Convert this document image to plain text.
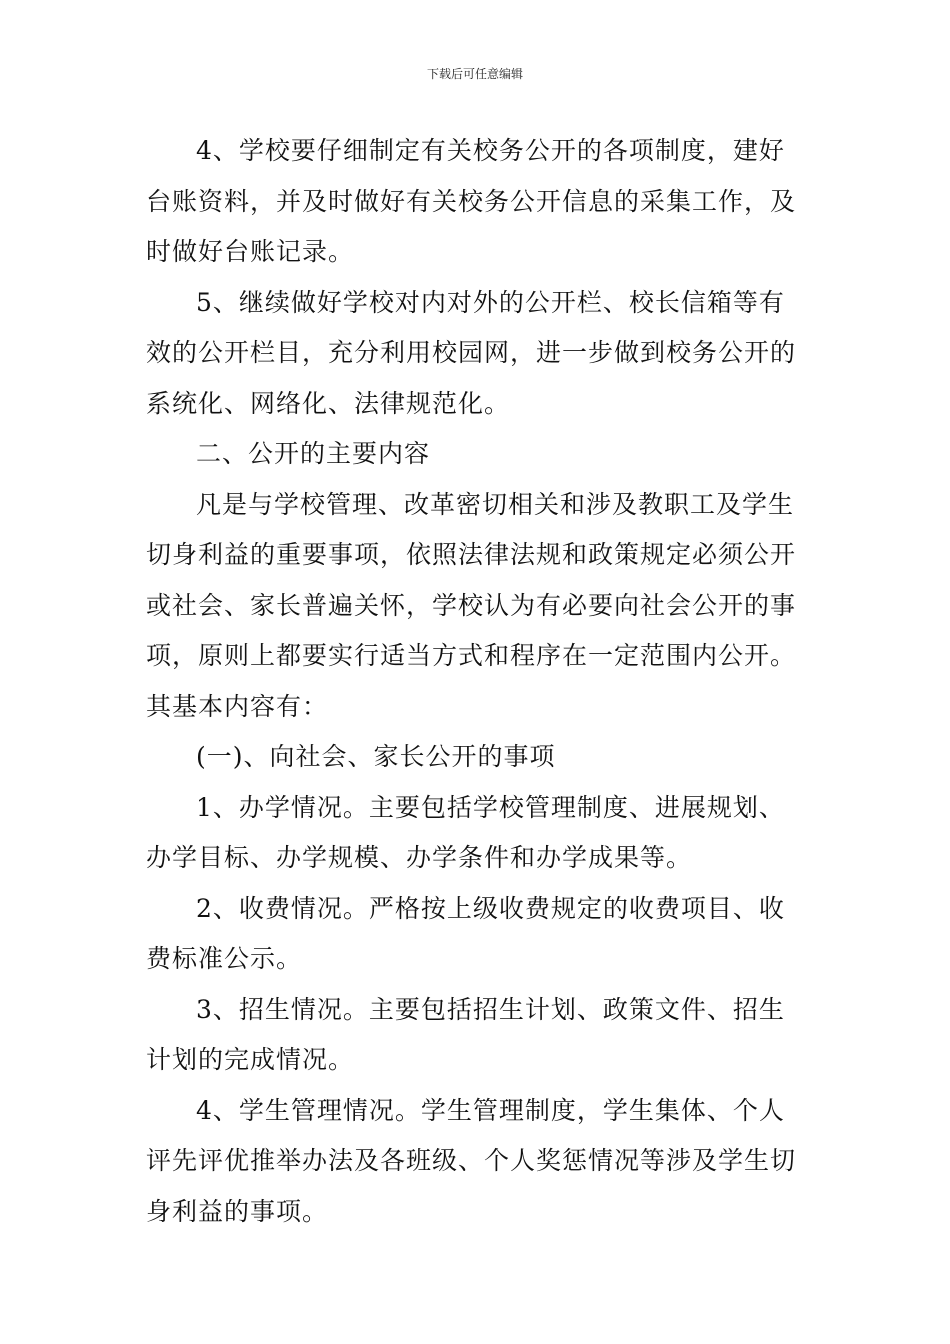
下载后可任意编辑

4、学校要仔细制定有关校务公开的各项制度，建好台账资料，并及时做好有关校务公开信息的采集工作，及时做好台账记录。

5、继续做好学校对内对外的公开栏、校长信箱等有效的公开栏目，充分利用校园网，进一步做到校务公开的系统化、网络化、法律规范化。

二、公开的主要内容

凡是与学校管理、改革密切相关和涉及教职工及学生切身利益的重要事项，依照法律法规和政策规定必须公开或社会、家长普遍关怀，学校认为有必要向社会公开的事项，原则上都要实行适当方式和程序在一定范围内公开。其基本内容有：

(一)、向社会、家长公开的事项

1、办学情况。主要包括学校管理制度、进展规划、办学目标、办学规模、办学条件和办学成果等。

2、收费情况。严格按上级收费规定的收费项目、收费标准公示。

3、招生情况。主要包括招生计划、政策文件、招生计划的完成情况。

4、学生管理情况。学生管理制度，学生集体、个人评先评优推举办法及各班级、个人奖惩情况等涉及学生切身利益的事项。
